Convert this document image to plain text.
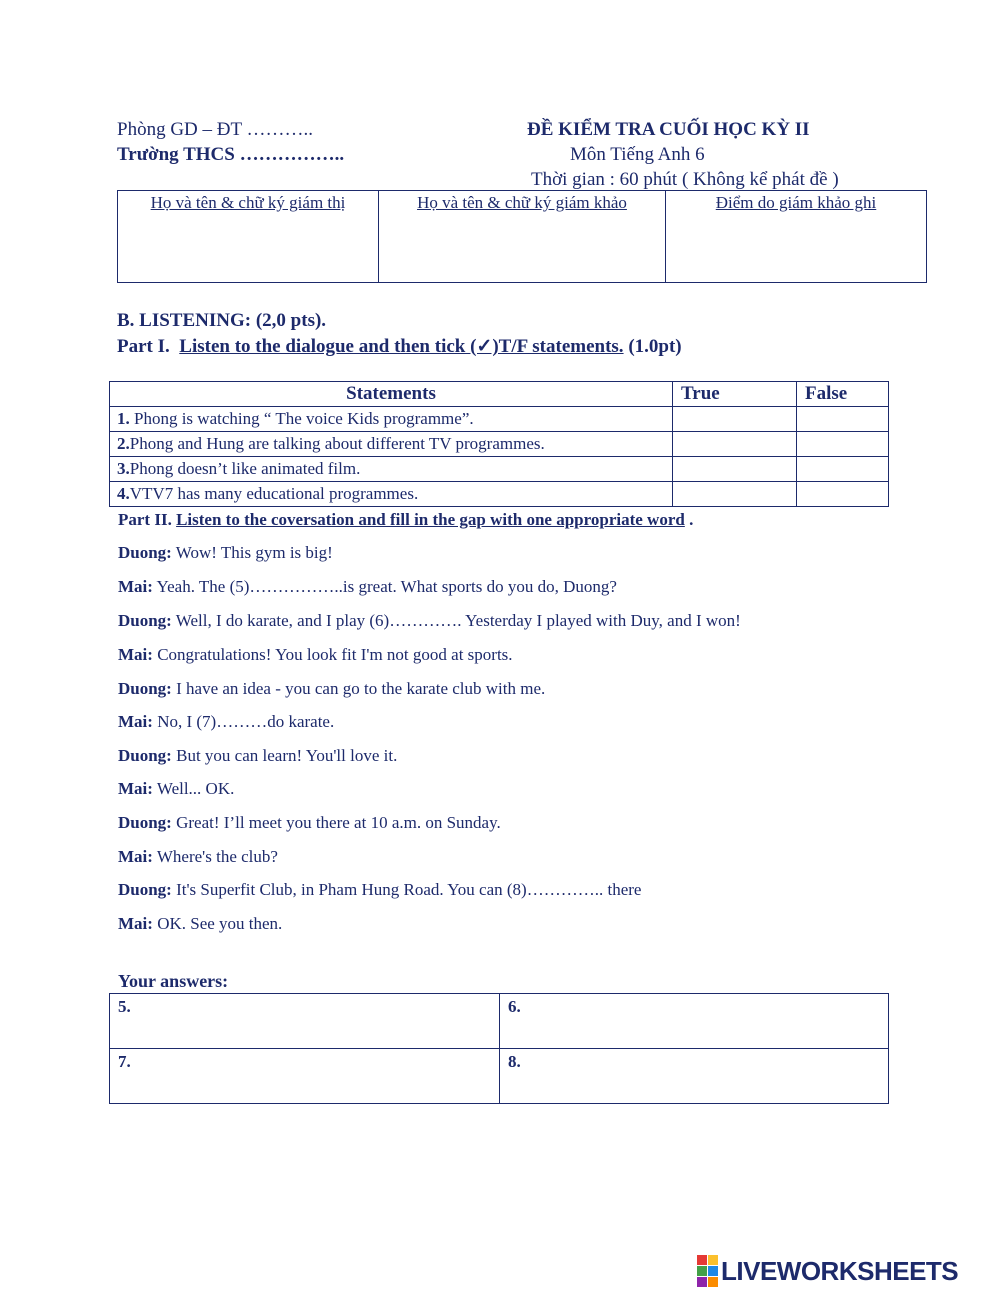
Phòng GD – ĐT ………..
Trường THCS ……………..
ĐỀ KIỂM TRA CUỐI HỌC KỲ II
Môn Tiếng Anh 6
Thời gian : 60 phút ( Không kể phát đề )
Họ và tên & chữ ký giám thị	Họ và tên & chữ ký giám khảo	Điểm do giám khảo ghi
B. LISTENING: (2,0 pts).
Part I. Listen to the dialogue and then tick (✓)T/F statements. (1.0pt)
Statements	True	False
1. Phong is watching “ The voice Kids programme”.		
2.Phong and Hung are talking about different TV programmes.		
3.Phong doesn’t like animated film.		
4.VTV7 has many educational programmes.		
Part II. Listen to the coversation and fill in the gap with one appropriate word .
Duong: Wow! This gym is big!
Mai: Yeah. The (5)……………..is great. What sports do you do, Duong?
Duong: Well, I do karate, and I play (6)…………. Yesterday I played with Duy, and I won!
Mai: Congratulations! You look fit I'm not good at sports.
Duong: I have an idea - you can go to the karate club with me.
Mai: No, I (7)………do karate.
Duong: But you can learn! You'll love it.
Mai: Well... OK.
Duong: Great! I’ll meet you there at 10 a.m. on Sunday.
Mai: Where's the club?
Duong: It's Superfit Club, in Pham Hung Road. You can (8)………….. there
Mai: OK. See you then.
Your answers:
5.	6.
7.	8.
LIVEWORKSHEETS
